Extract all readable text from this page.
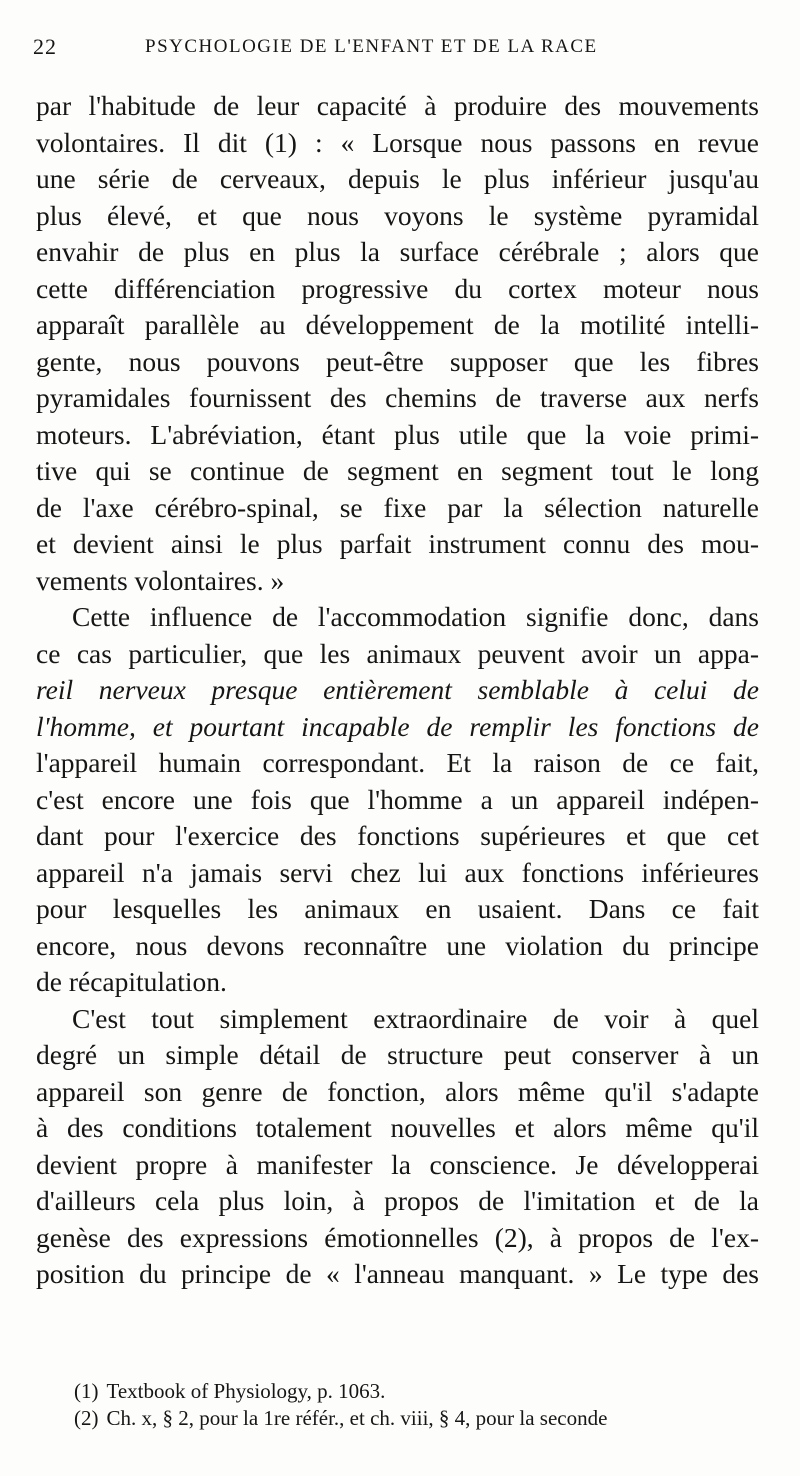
22	PSYCHOLOGIE DE L'ENFANT ET DE LA RACE
par l'habitude de leur capacité à produire des mouvements
volontaires. Il dit (1) : « Lorsque nous passons en revue
une série de cerveaux, depuis le plus inférieur jusqu'au
plus élevé, et que nous voyons le système pyramidal
envahir de plus en plus la surface cérébrale ; alors que
cette différenciation progressive du cortex moteur nous
apparaît parallèle au développement de la motilité intelli-
gente, nous pouvons peut-être supposer que les fibres
pyramidales fournissent des chemins de traverse aux nerfs
moteurs. L'abréviation, étant plus utile que la voie primi-
tive qui se continue de segment en segment tout le long
de l'axe cérébro-spinal, se fixe par la sélection naturelle
et devient ainsi le plus parfait instrument connu des mou-
vements volontaires. »
Cette influence de l'accommodation signifie donc, dans
ce cas particulier, que les animaux peuvent avoir un appa-
reil nerveux presque entièrement semblable à celui de
l'homme, et pourtant incapable de remplir les fonctions de
l'appareil humain correspondant. Et la raison de ce fait,
c'est encore une fois que l'homme a un appareil indépen-
dant pour l'exercice des fonctions supérieures et que cet
appareil n'a jamais servi chez lui aux fonctions inférieures
pour lesquelles les animaux en usaient. Dans ce fait
encore, nous devons reconnaître une violation du principe
de récapitulation.
C'est tout simplement extraordinaire de voir à quel
degré un simple détail de structure peut conserver à un
appareil son genre de fonction, alors même qu'il s'adapte
à des conditions totalement nouvelles et alors même qu'il
devient propre à manifester la conscience. Je développerai
d'ailleurs cela plus loin, à propos de l'imitation et de la
genèse des expressions émotionnelles (2), à propos de l'ex-
position du principe de « l'anneau manquant. » Le type des
(1) Textbook of Physiology, p. 1063.
(2) Ch. x, § 2, pour la 1re référ., et ch. viii, § 4, pour la seconde
